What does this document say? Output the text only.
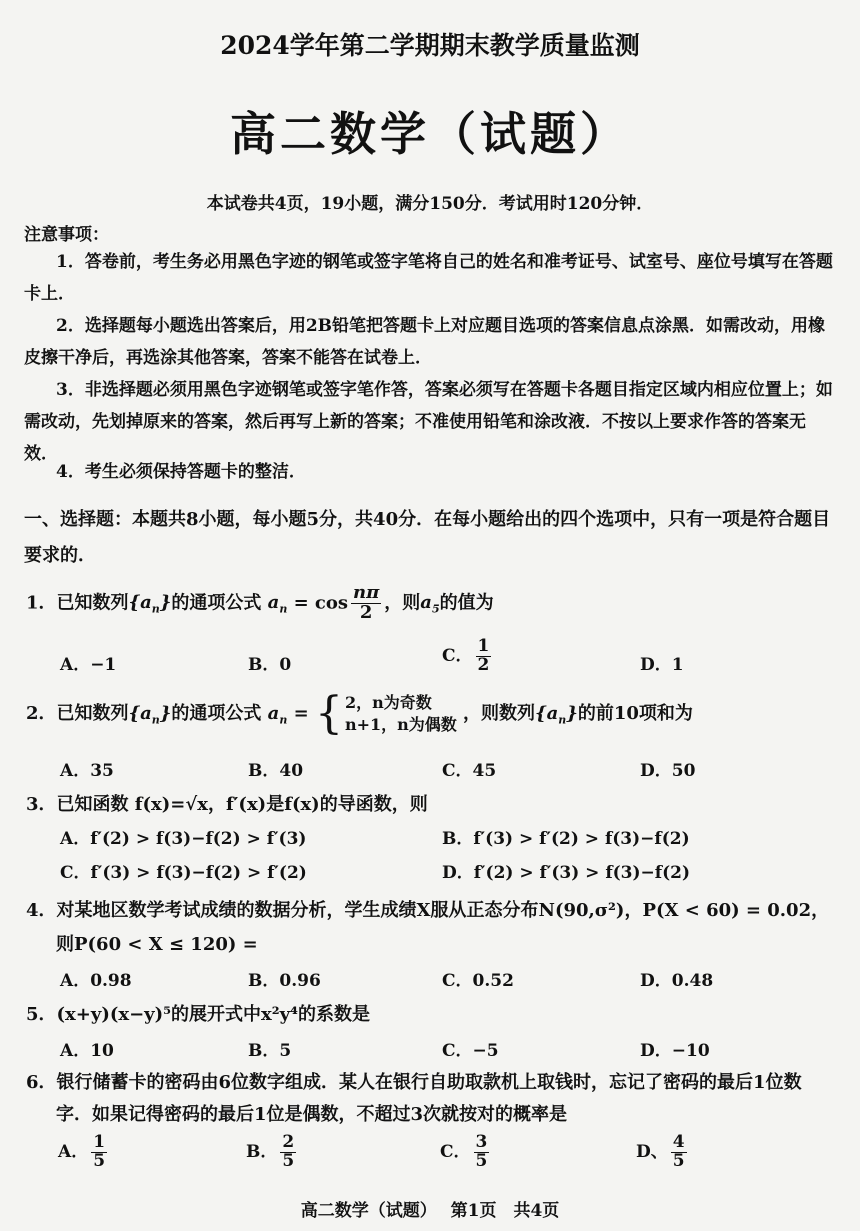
2024学年第二学期期末教学质量监测
高二数学（试题）
本试卷共4页，19小题，满分150分．考试用时120分钟．
注意事项：
1．答卷前，考生务必用黑色字迹的钢笔或签字笔将自己的姓名和准考证号、试室号、座位号填写在答题卡上．
2．选择题每小题选出答案后，用2B铅笔把答题卡上对应题目选项的答案信息点涂黑．如需改动，用橡皮擦干净后，再选涂其他答案，答案不能答在试卷上．
3．非选择题必须用黑色字迹钢笔或签字笔作答，答案必须写在答题卡各题目指定区域内相应位置上；如需改动，先划掉原来的答案，然后再写上新的答案；不准使用铅笔和涂改液．不按以上要求作答的答案无效．
4．考生必须保持答题卡的整洁．
一、选择题：本题共8小题，每小题5分，共40分．在每小题给出的四个选项中，只有一项是符合题目要求的．
1．已知数列$\{a_n\}$的通项公式 $a_n = \cos \frac{n\pi}{2}$ ，则$a_5$的值为
A．−1	B．0	C． $\frac{1}{2}$	D．1
2．已知数列$\{a_n\}$的通项公式 $a_n$ = { 2，n为奇数
n+1，n为偶数
，则数列$\{a_n\}$的前10项和为
A．35	B．40	C．45	D．50
3．已知函数 f(x)=√x，f′(x)是f(x)的导函数，则
A．f′(2) > f(3)−f(2) > f′(3)	B．f′(3) > f′(2) > f(3)−f(2)
C．f′(3) > f(3)−f(2) > f′(2)	D．f′(2) > f′(3) > f(3)−f(2)
4．对某地区数学考试成绩的数据分析，学生成绩X服从正态分布N(90,σ²)，P(X < 60) = 0.02，
则P(60 < X ≤ 120) =
A．0.98	B．0.96	C．0.52	D．0.48
5．(x+y)(x−y)⁵的展开式中x²y⁴的系数是
A．10	B．5	C．−5	D．−10
6．银行储蓄卡的密码由6位数字组成．某人在银行自助取款机上取钱时，忘记了密码的最后1位数
字．如果记得密码的最后1位是偶数，不超过3次就按对的概率是
A． $\frac{1}{5}$	B． $\frac{2}{5}$	C． $\frac{3}{5}$	D、 $\frac{4}{5}$
高二数学（试题） 第1页　共4页
